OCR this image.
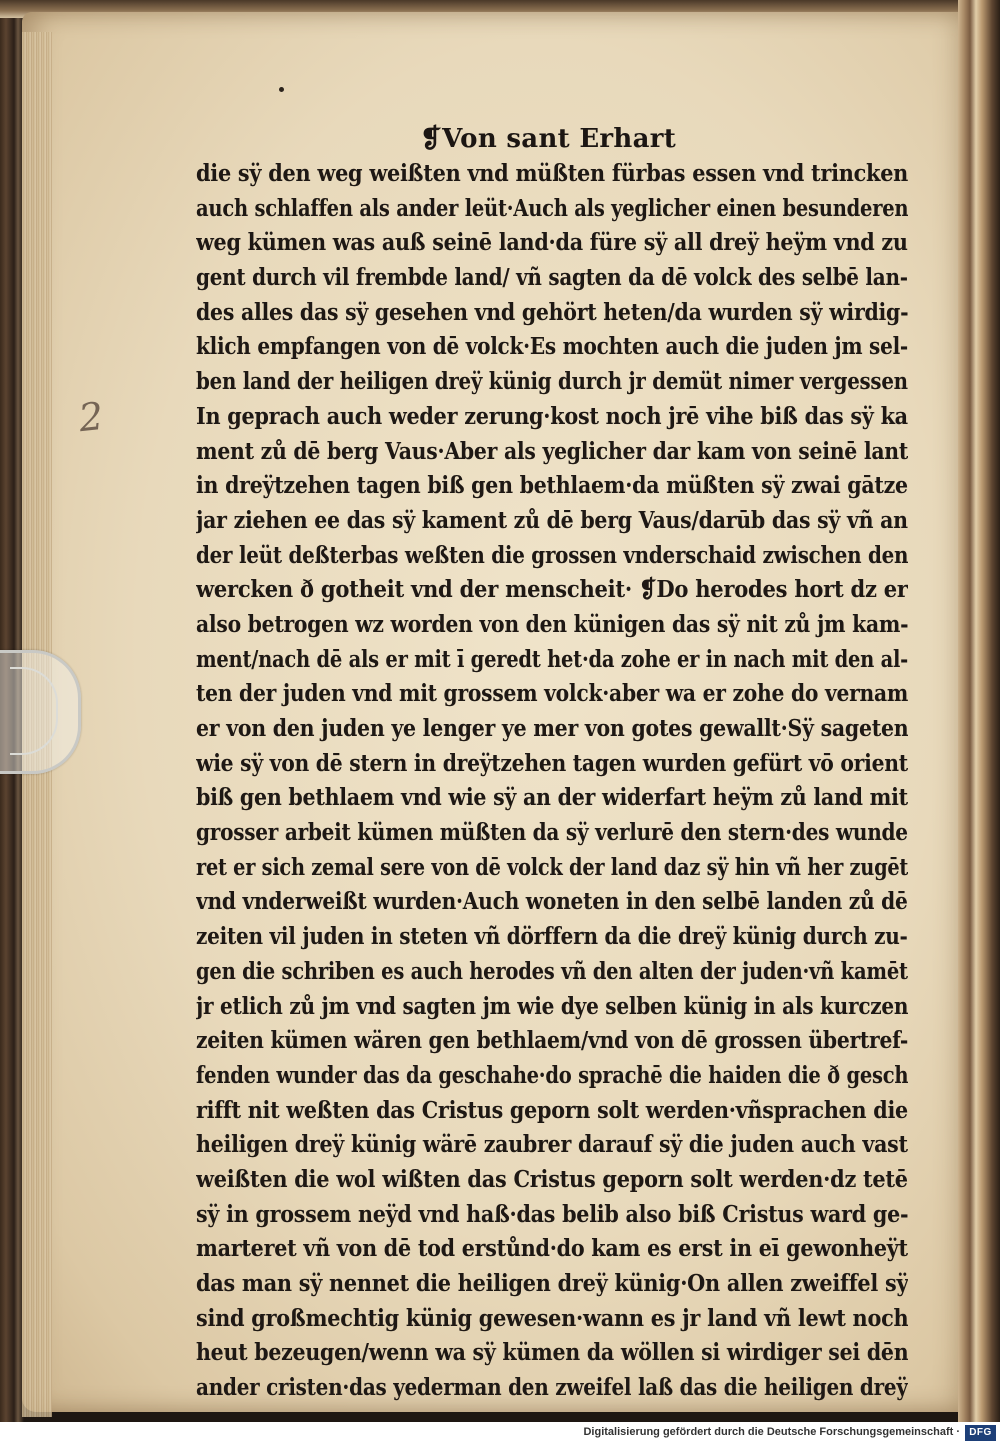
2
❡Von sant Erhart
die sÿ den weg weißten vnd müßten fürbas essen vnd trincken
auch schlaffen als ander leüt·Auch als yeglicher einen besunderen
weg kümen was auß seinē land·da füre sÿ all dreÿ heÿm vnd zu
gent durch vil frembde land/ vñ sagten da dē volck des selbē lan-
des alles das sÿ gesehen vnd gehört heten/da wurden sÿ wirdig-
klich empfangen von dē volck·Es mochten auch die juden jm sel-
ben land der heiligen dreÿ künig durch jr demüt nimer vergessen
In geprach auch weder zerung·kost noch jrē vihe biß das sÿ ka
ment zů dē berg Vaus·Aber als yeglicher dar kam von seinē lant
in dreÿtzehen tagen biß gen bethlaem·da müßten sÿ zwai gātze
jar ziehen ee das sÿ kament zů dē berg Vaus/darūb das sÿ vñ an
der leüt deßterbas weßten die grossen vnderschaid zwischen den
wercken ð gotheit vnd der menscheit· ❡Do herodes hort dz er
also betrogen wz worden von den künigen das sÿ nit zů jm kam-
ment/nach dē als er mit ī geredt het·da zohe er in nach mit den al-
ten der juden vnd mit grossem volck·aber wa er zohe do vernam
er von den juden ye lenger ye mer von gotes gewallt·Sÿ sageten
wie sÿ von dē stern in dreÿtzehen tagen wurden gefürt vō orient
biß gen bethlaem vnd wie sÿ an der widerfart heÿm zů land mit
grosser arbeit kümen müßten da sÿ verlurē den stern·des wunde
ret er sich zemal sere von dē volck der land daz sÿ hin vñ her zugēt
vnd vnderweißt wurden·Auch woneten in den selbē landen zů dē
zeiten vil juden in steten vñ dörffern da die dreÿ künig durch zu-
gen die schriben es auch herodes vñ den alten der juden·vñ kamēt
jr etlich zů jm vnd sagten jm wie dye selben künig in als kurczen
zeiten kümen wären gen bethlaem/vnd von dē grossen übertref-
fenden wunder das da geschahe·do sprachē die haiden die ð gesch
rifft nit weßten das Cristus geporn solt werden·vñsprachen die
heiligen dreÿ künig wärē zaubrer darauf sÿ die juden auch vast
weißten die wol wißten das Cristus geporn solt werden·dz tetē
sÿ in grossem neÿd vnd haß·das belib also biß Cristus ward ge-
marteret vñ von dē tod erstůnd·do kam es erst in eī gewonheÿt
das man sÿ nennet die heiligen dreÿ künig·On allen zweiffel sÿ
sind großmechtig künig gewesen·wann es jr land vñ lewt noch
heut bezeugen/wenn wa sÿ kümen da wöllen si wirdiger sei dēn
ander cristen·das yederman den zweifel laß das die heiligen dreÿ
Digitalisierung gefördert durch die Deutsche Forschungsgemeinschaft · DFG
